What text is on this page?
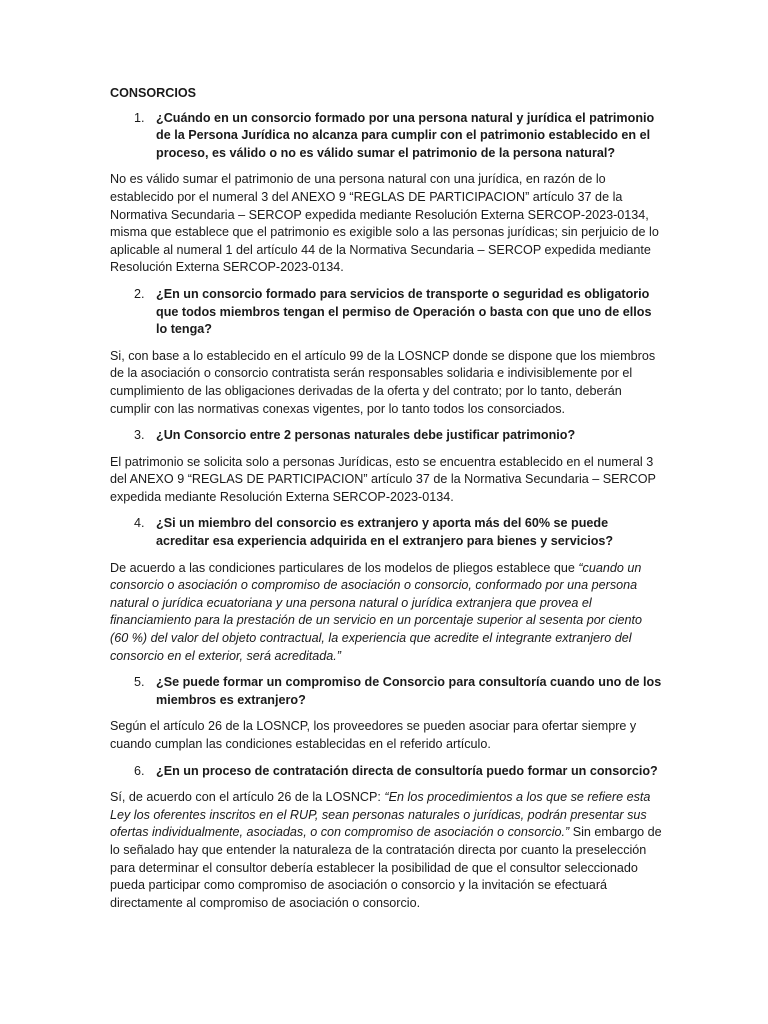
CONSORCIOS
1. ¿Cuándo en un consorcio formado por una persona natural y jurídica el patrimonio de la Persona Jurídica no alcanza para cumplir con el patrimonio establecido en el proceso, es válido o no es válido sumar el patrimonio de la persona natural?
No es válido sumar el patrimonio de una persona natural con una jurídica, en razón de lo establecido por el numeral 3 del ANEXO 9 “REGLAS DE PARTICIPACION” artículo 37 de la Normativa Secundaria – SERCOP expedida mediante Resolución Externa SERCOP-2023-0134, misma que establece que el patrimonio es exigible solo a las personas jurídicas; sin perjuicio de lo aplicable al numeral 1 del artículo 44 de la Normativa Secundaria – SERCOP expedida mediante Resolución Externa SERCOP-2023-0134.
2. ¿En un consorcio formado para servicios de transporte o seguridad es obligatorio que todos miembros tengan el permiso de Operación o basta con que uno de ellos lo tenga?
Si, con base a lo establecido en el artículo 99 de la LOSNCP donde se dispone que los miembros de la asociación o consorcio contratista serán responsables solidaria e indivisiblemente por el cumplimiento de las obligaciones derivadas de la oferta y del contrato; por lo tanto, deberán cumplir con las normativas conexas vigentes, por lo tanto todos los consorciados.
3. ¿Un Consorcio entre 2 personas naturales debe justificar patrimonio?
El patrimonio se solicita solo a personas Jurídicas, esto se encuentra establecido en el numeral 3 del ANEXO 9 “REGLAS DE PARTICIPACION” artículo 37 de la Normativa Secundaria – SERCOP expedida mediante Resolución Externa SERCOP-2023-0134.
4. ¿Si un miembro del consorcio es extranjero y aporta más del 60% se puede acreditar esa experiencia adquirida en el extranjero para bienes y servicios?
De acuerdo a las condiciones particulares de los modelos de pliegos establece que “cuando un consorcio o asociación o compromiso de asociación o consorcio, conformado por una persona natural o jurídica ecuatoriana y una persona natural o jurídica extranjera que provea el financiamiento para la prestación de un servicio en un porcentaje superior al sesenta por ciento (60 %) del valor del objeto contractual, la experiencia que acredite el integrante extranjero del consorcio en el exterior, será acreditada.”
5. ¿Se puede formar un compromiso de Consorcio para consultoría cuando uno de los miembros es extranjero?
Según el artículo 26 de la LOSNCP, los proveedores se pueden asociar para ofertar siempre y cuando cumplan las condiciones establecidas en el referido artículo.
6. ¿En un proceso de contratación directa de consultoría puedo formar un consorcio?
Sí, de acuerdo con el artículo 26 de la LOSNCP: “En los procedimientos a los que se refiere esta Ley los oferentes inscritos en el RUP, sean personas naturales o jurídicas, podrán presentar sus ofertas individualmente, asociadas, o con compromiso de asociación o consorcio.” Sin embargo de lo señalado hay que entender la naturaleza de la contratación directa por cuanto la preselección para determinar el consultor debería establecer la posibilidad de que el consultor seleccionado pueda participar como compromiso de asociación o consorcio y la invitación se efectuará directamente al compromiso de asociación o consorcio.
